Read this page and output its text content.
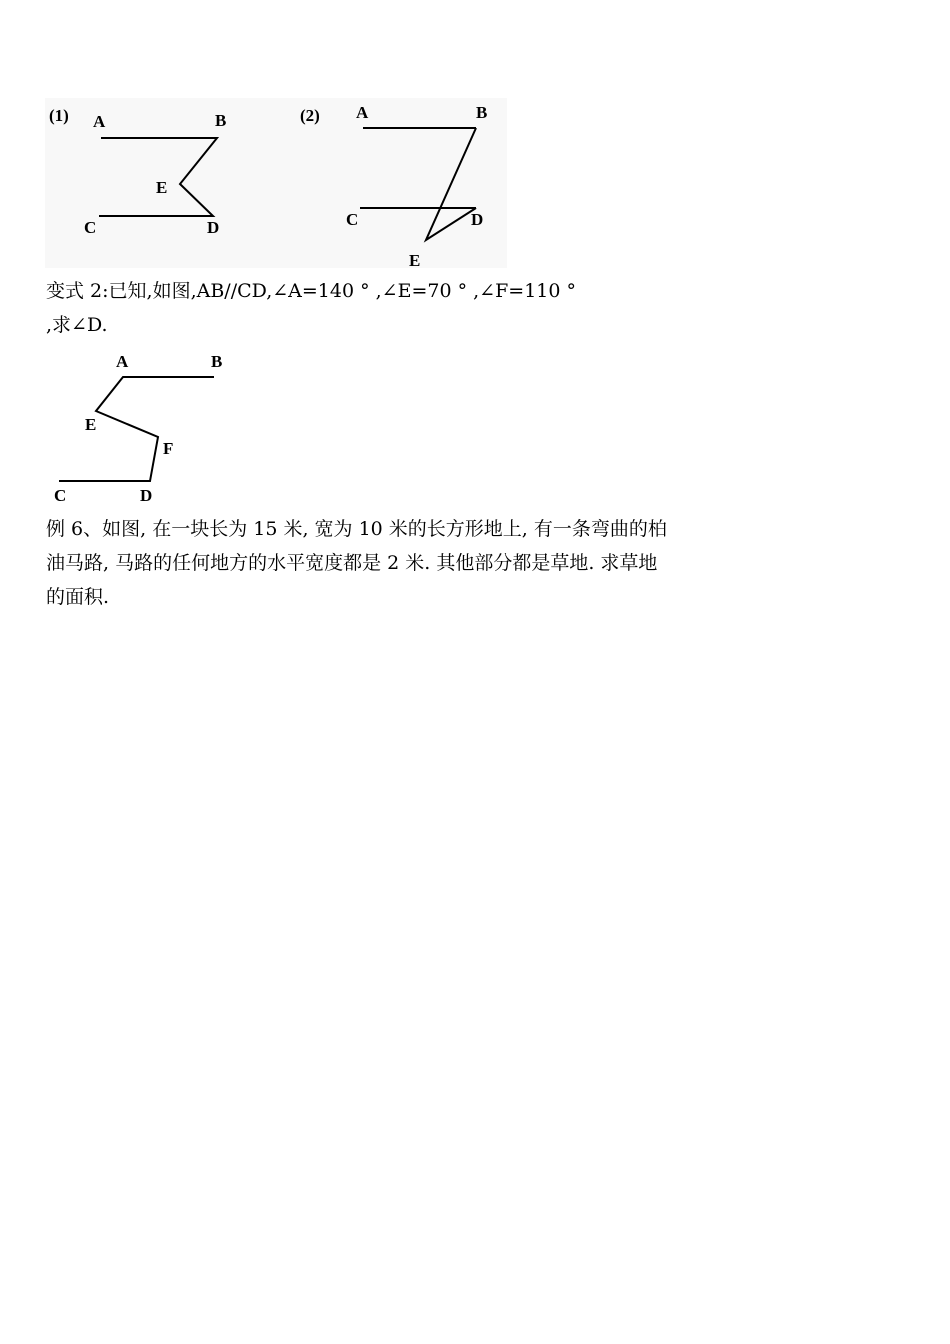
(1) A	B
E
C	D
(2) A	B
C	D
E
变式 2:已知,如图,AB//CD,∠A=140 ° ,∠E=70 ° ,∠F=110 °
,求∠D.
A	B
E
F
C	D
例 6、如图, 在一块长为 15 米, 宽为 10 米的长方形地上, 有一条弯曲的柏
油马路, 马路的任何地方的水平宽度都是 2 米. 其他部分都是草地. 求草地
的面积.
